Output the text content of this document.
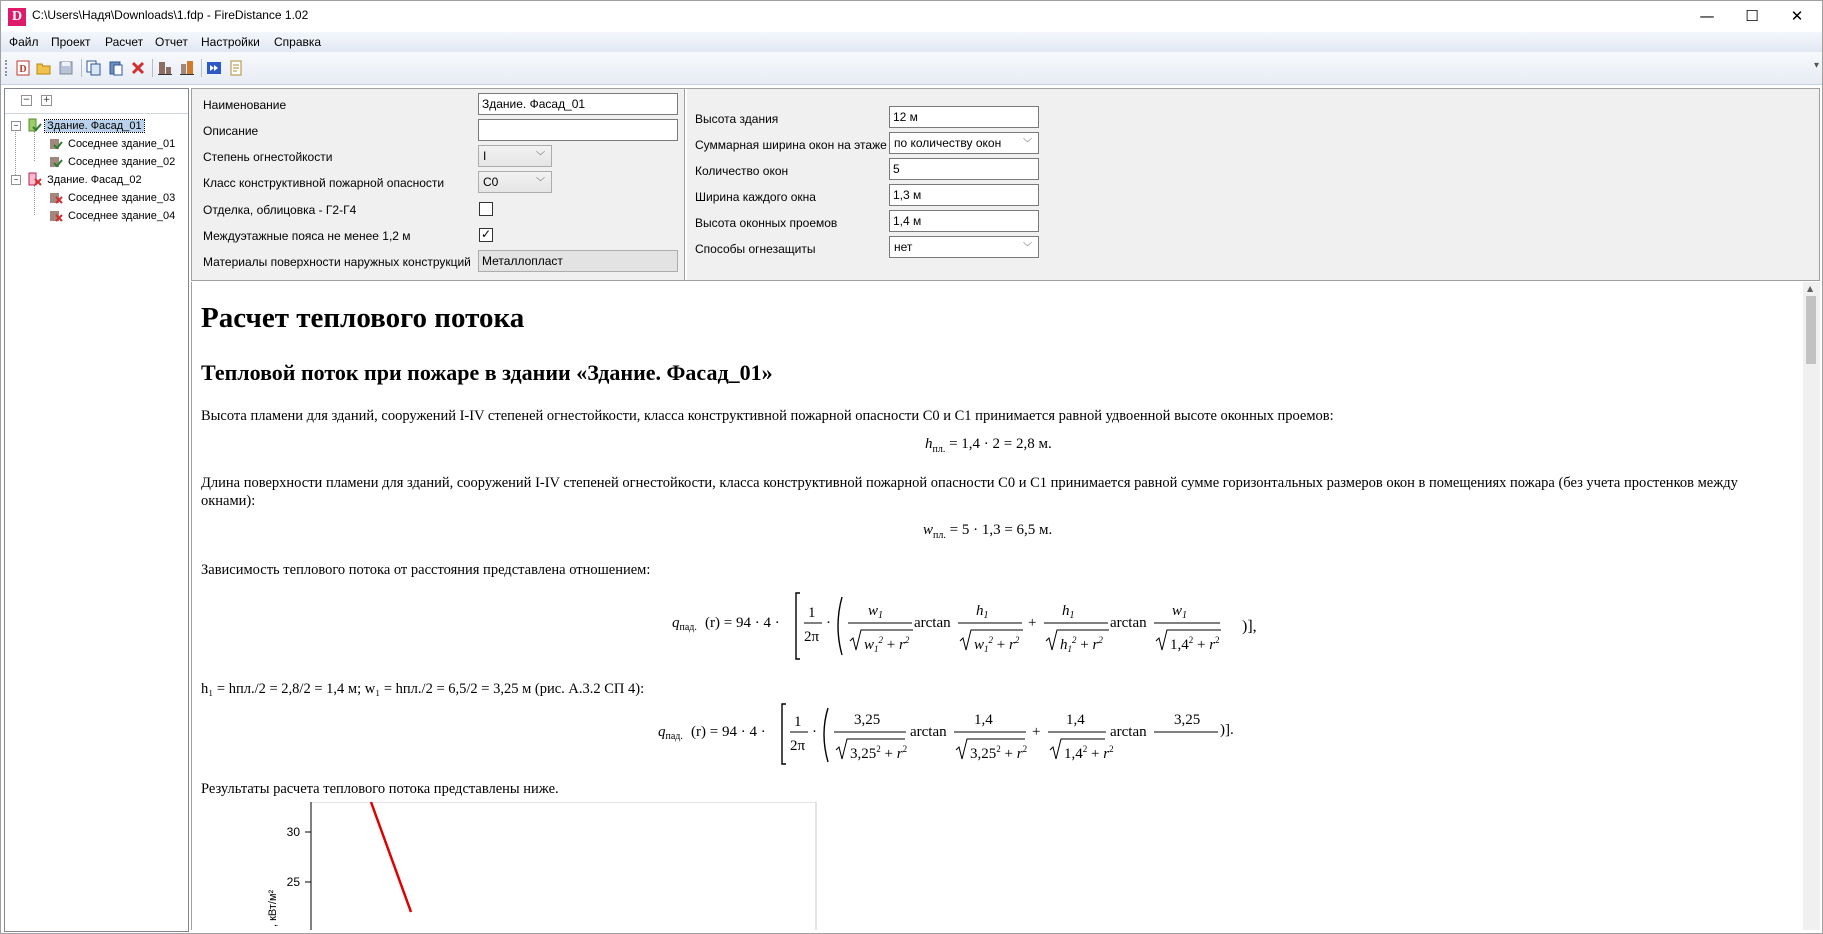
D C:\Users\Надя\Downloads\1.fdp - FireDistance 1.02	—	☐	✕
Файл Проект Расчет Отчет Настройки Справка
D	▾
− +
−	Здание. Фасад_01
Соседнее здание_01
Соседнее здание_02
−	Здание. Фасад_02
Соседнее здание_03
Соседнее здание_04
Наименование	Здание. Фасад_01
Описание
Степень огнестойкости	I	﹀
Класс конструктивной пожарной опасности	С0	﹀
Отделка, облицовка - Г2-Г4
Междуэтажные пояса не менее 1,2 м	✓
Материалы поверхности наружных конструкций Металлопласт
Высота здания	12 м
Суммарная ширина окон на этаже по количеству окон ﹀
Количество окон	5
Ширина каждого окна	1,3 м
Высота оконных проемов	1,4 м
Способы огнезащиты	нет	﹀
Расчет теплового потока
Тепловой поток при пожаре в здании «Здание. Фасад_01»
Высота пламени для зданий, сооружений I-IV степеней огнестойкости, класса конструктивной пожарной опасности С0 и С1 принимается равной удвоенной высоте оконных проемов:
$h_{пл.} = 1,4 \cdot 2 = 2,8$ м.
Длина поверхности пламени для зданий, сооружений I-IV степеней огнестойкости, класса конструктивной пожарной опасности С0 и С1 принимается равной сумме горизонтальных размеров окон в помещениях пожара (без учета простенков между окнами):
$w_{пл.} = 5 \cdot 1,3 = 6,5$ м.
Зависимость теплового потока от расстояния представлена отношением:
$q_{пад.}$ (r) = 94 · 4 ·
1
2π
·
$w_1$
$w_1^2 + r^2$
arctan
$h_1$
$w_1^2 + r^2$
+
$h_1$
$h_1^2 + r^2$
arctan
$w_1$
$1,4^2 + r^2$
)],
h₁ = hпл./2 = 2,8/2 = 1,4 м; w₁ = hпл./2 = 6,5/2 = 3,25 м (рис. А.3.2 СП 4):
$q_{пад.}$ (r) = 94 · 4 ·
1
2π
·
3,25
$3,25^2 + r^2$
arctan
1,4
$3,25^2 + r^2$
+
1,4
$1,4^2 + r^2$
arctan
3,25
)].
Результаты расчета теплового потока представлены ниже.
25
30
, кВт/м²
▲
